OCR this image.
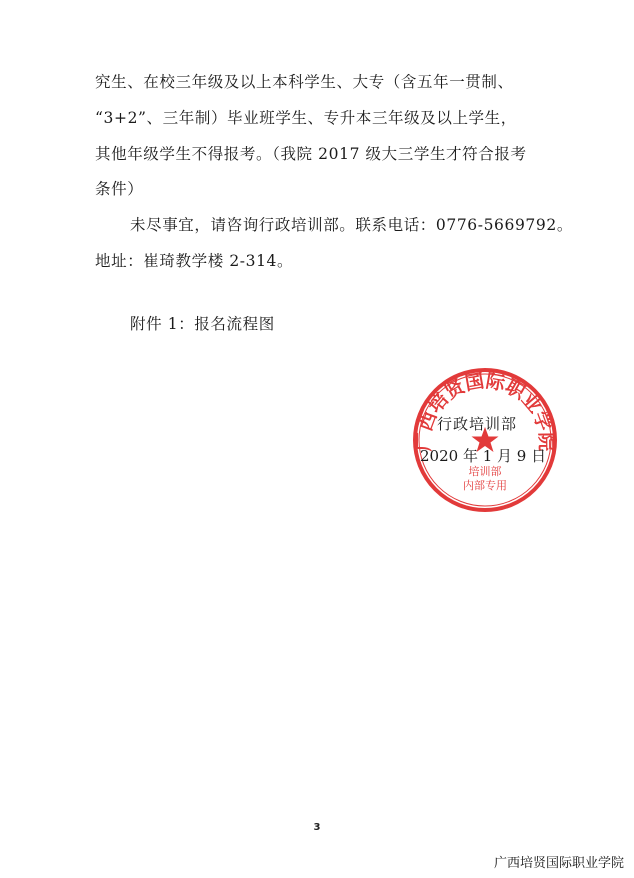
究生、在校三年级及以上本科学生、大专（含五年一贯制、
“3+2”、三年制）毕业班学生、专升本三年级及以上学生，
其他年级学生不得报考。（我院 2017 级大三学生才符合报考
条件）
未尽事宜，请咨询行政培训部。联系电话：0776-5669792。
地址：崔琦教学楼 2-314。
附件 1：报名流程图
广西培贤国际职业学院
培训部
内部专用
行政培训部
2020 年 1 月 9 日
3
广西培贤国际职业学院
